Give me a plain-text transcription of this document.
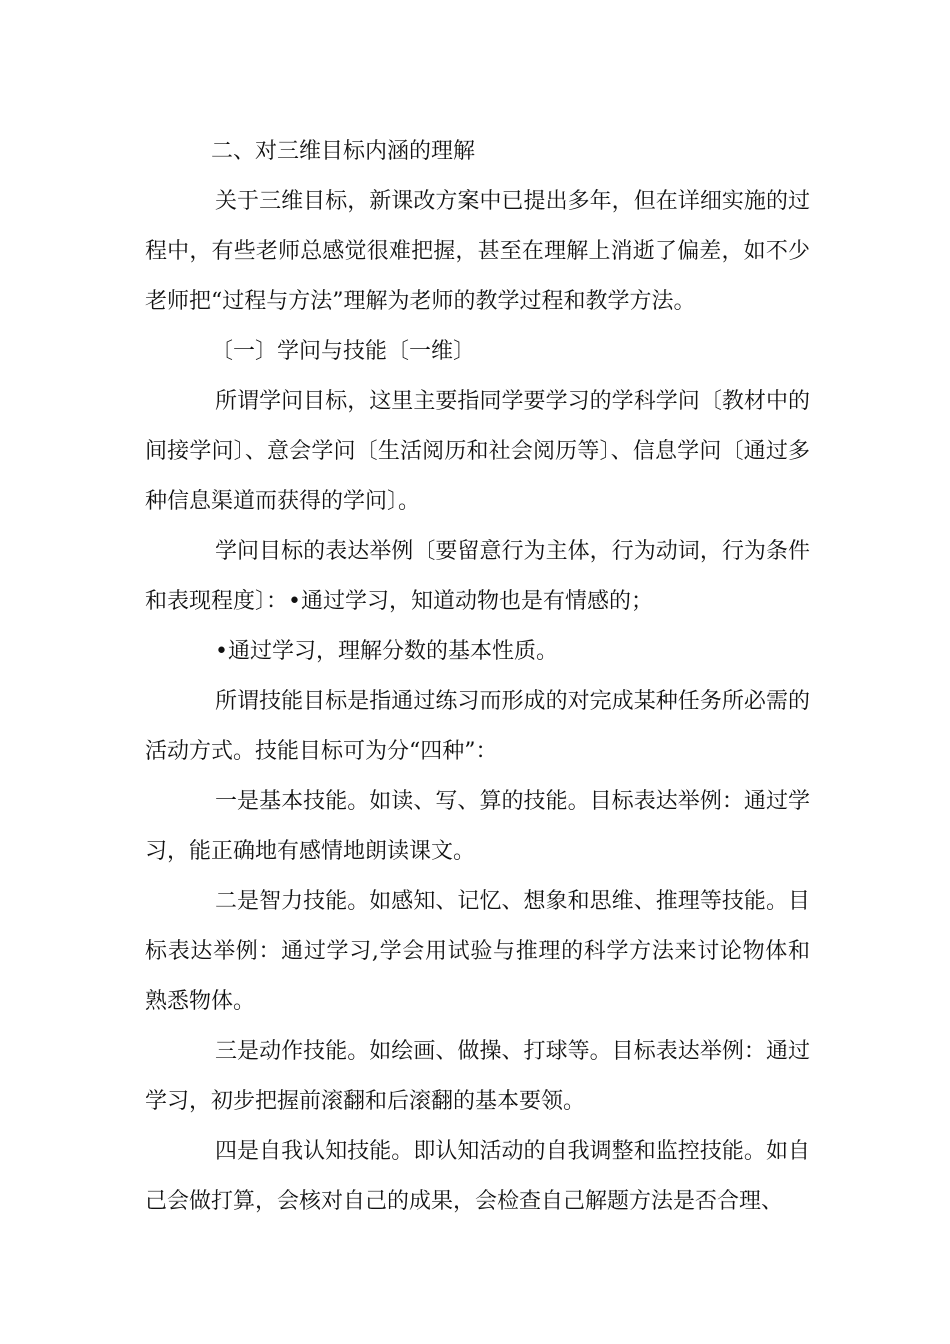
二、对三维目标内涵的理解

关于三维目标，新课改方案中已提出多年，但在详细实施的过程中，有些老师总感觉很难把握，甚至在理解上消逝了偏差，如不少老师把“过程与方法”理解为老师的教学过程和教学方法。

〔一〕学问与技能〔一维〕

所谓学问目标，这里主要指同学要学习的学科学问〔教材中的间接学问〕、意会学问〔生活阅历和社会阅历等〕、信息学问〔通过多种信息渠道而获得的学问〕。

学问目标的表达举例〔要留意行为主体，行为动词，行为条件和表现程度〕：•通过学习，知道动物也是有情感的；

•通过学习，理解分数的基本性质。

所谓技能目标是指通过练习而形成的对完成某种任务所必需的活动方式。技能目标可为分“四种”：

一是基本技能。如读、写、算的技能。目标表达举例：通过学习，能正确地有感情地朗读课文。

二是智力技能。如感知、记忆、想象和思维、推理等技能。目标表达举例：通过学习,学会用试验与推理的科学方法来讨论物体和熟悉物体。

三是动作技能。如绘画、做操、打球等。目标表达举例：通过学习，初步把握前滚翻和后滚翻的基本要领。

四是自我认知技能。即认知活动的自我调整和监控技能。如自己会做打算，会核对自己的成果，会检查自己解题方法是否合理、
